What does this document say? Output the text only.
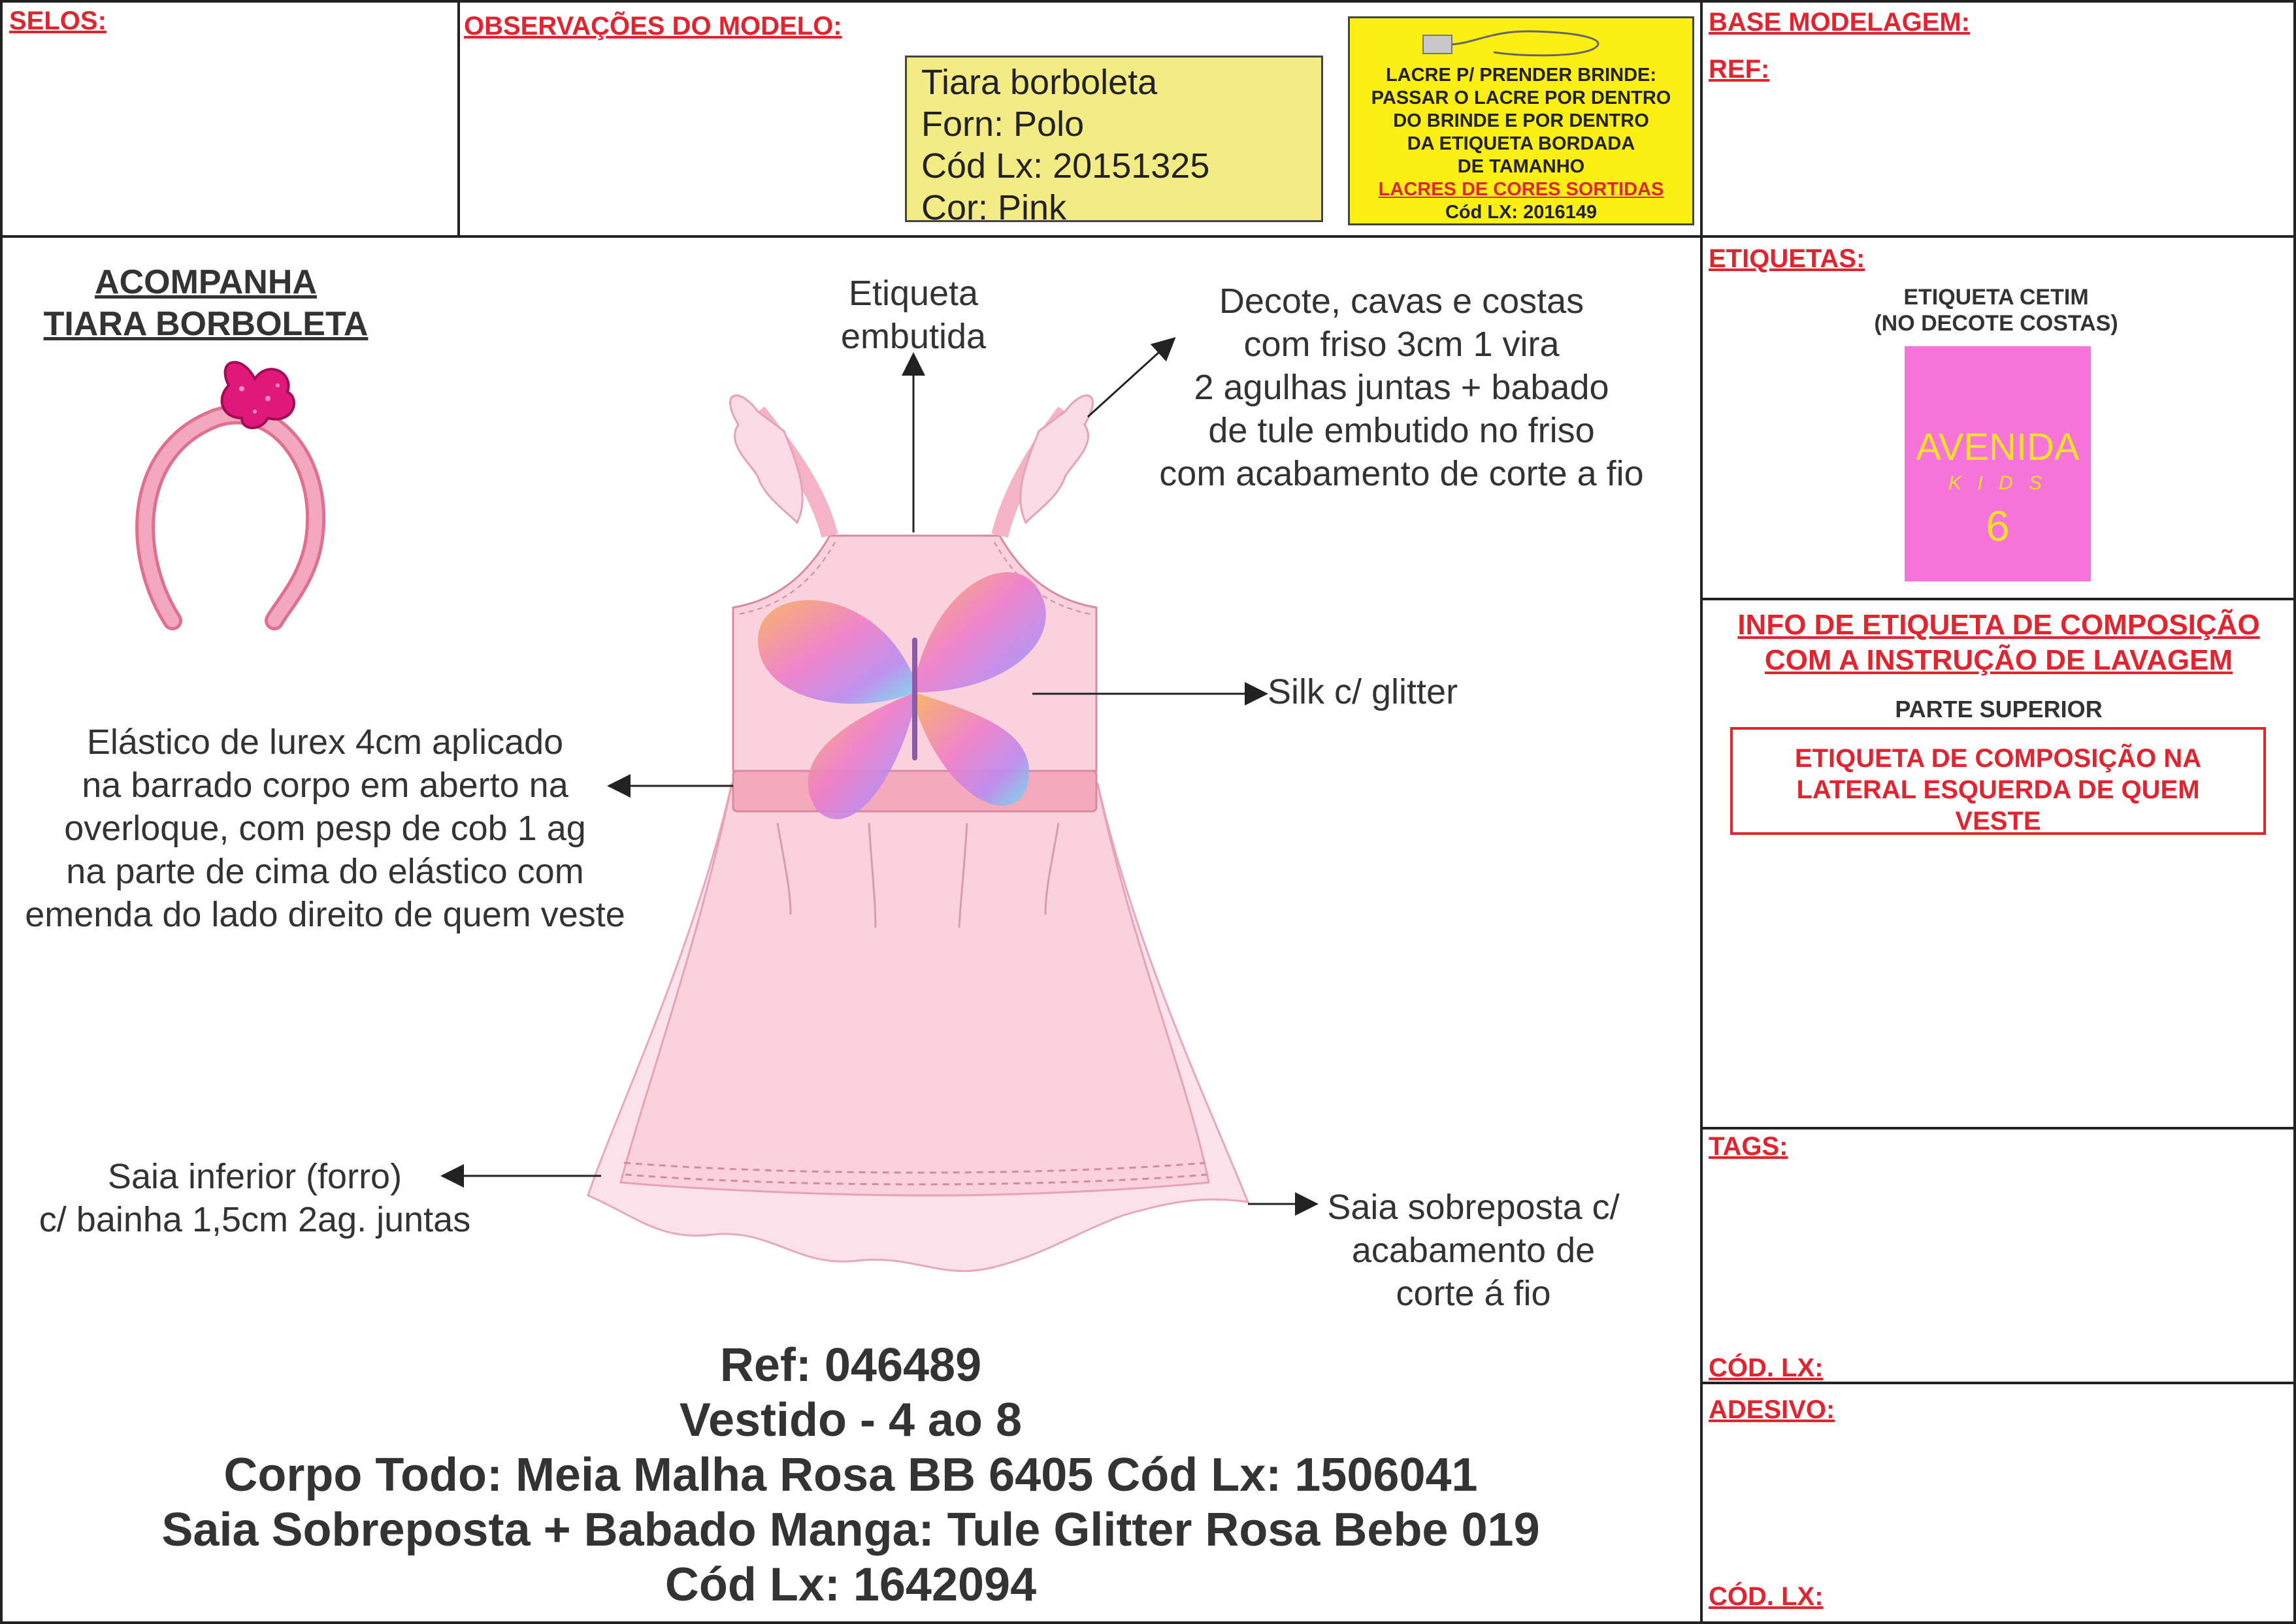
SELOS:	OBSERVAÇÕES DO MODELO:
Tiara borboleta
Forn: Polo
Cód Lx: 20151325
Cor: Pink
LACRE P/ PRENDER BRINDE:
PASSAR O LACRE POR DENTRO
DO BRINDE E POR DENTRO
DA ETIQUETA BORDADA
DE TAMANHO
LACRES DE CORES SORTIDAS
Cód LX: 2016149
BASE MODELAGEM:
REF:
ETIQUETAS:
ETIQUETA CETIM
(NO DECOTE COSTAS)
AVENIDA
K I D S
6
INFO DE ETIQUETA DE COMPOSIÇÃO
COM A INSTRUÇÃO DE LAVAGEM
PARTE SUPERIOR
ETIQUETA DE COMPOSIÇÃO NA
LATERAL ESQUERDA DE QUEM
VESTE
TAGS:
CÓD. LX:
ADESIVO:
CÓD. LX:
ACOMPANHA
TIARA BORBOLETA
Etiqueta
embutida
Decote, cavas e costas
com friso 3cm 1 vira
2 agulhas juntas + babado
de tule embutido no friso
com acabamento de corte a fio
Silk c/ glitter
Elástico de lurex 4cm aplicado
na barrado corpo em aberto na
overloque, com pesp de cob 1 ag
na parte de cima do elástico com
emenda do lado direito de quem veste
Saia inferior (forro)
c/ bainha 1,5cm 2ag. juntas	Saia sobreposta c/
acabamento de
corte á fio
Ref: 046489
Vestido - 4 ao 8
Corpo Todo: Meia Malha Rosa BB 6405 Cód Lx: 1506041
Saia Sobreposta + Babado Manga: Tule Glitter Rosa Bebe 019
Cód Lx: 1642094
